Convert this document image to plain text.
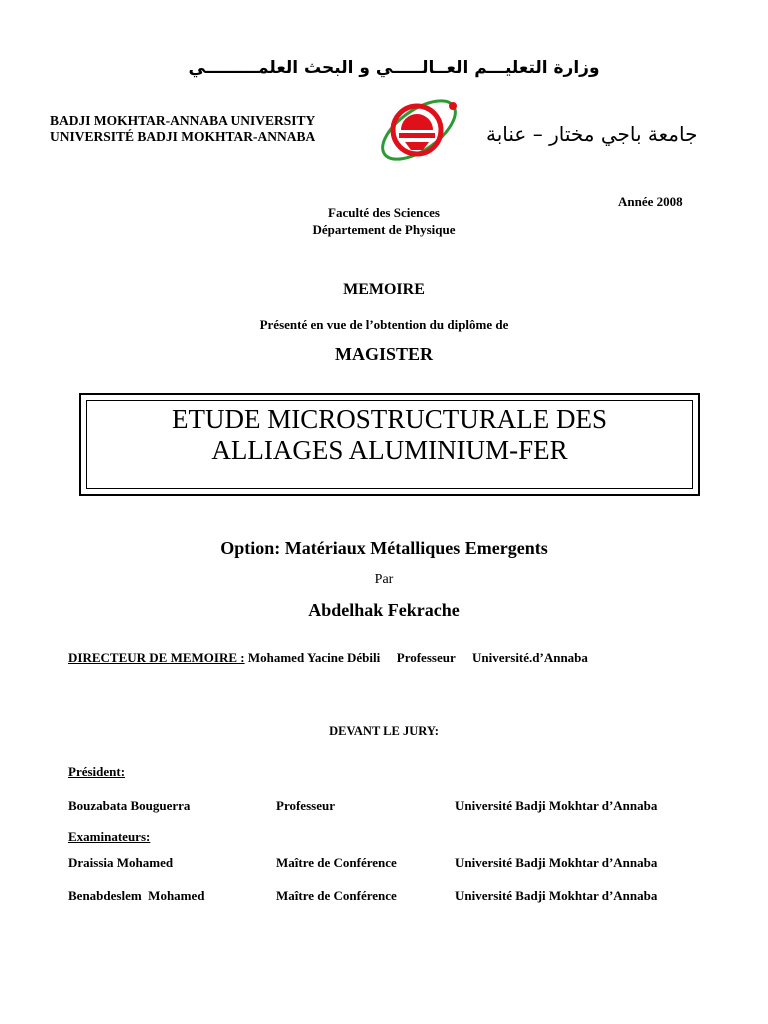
وزارة التعليـــم العــالـــــي و البحث العلمـــــــــي
BADJI MOKHTAR-ANNABA UNIVERSITY
UNIVERSITÉ BADJI MOKHTAR-ANNABA	جامعة باجي مختار – عنابة
Année 2008
Faculté des Sciences
Département de Physique
MEMOIRE
Présenté en vue de l’obtention du diplôme de
MAGISTER
ETUDE MICROSTRUCTURALE DES
ALLIAGES ALUMINIUM-FER
Option: Matériaux Métalliques Emergents
Par
Abdelhak Fekrache
DIRECTEUR DE MEMOIRE : Mohamed Yacine Débili Professeur Université.d’Annaba
DEVANT LE JURY:
Président:
Bouzabata Bouguerra	Professeur	Université Badji Mokhtar d’Annaba
Examinateurs:
Draissia Mohamed	Maître de Conférence	Université Badji Mokhtar d’Annaba
Benabdeslem  Mohamed	Maître de Conférence	Université Badji Mokhtar d’Annaba
